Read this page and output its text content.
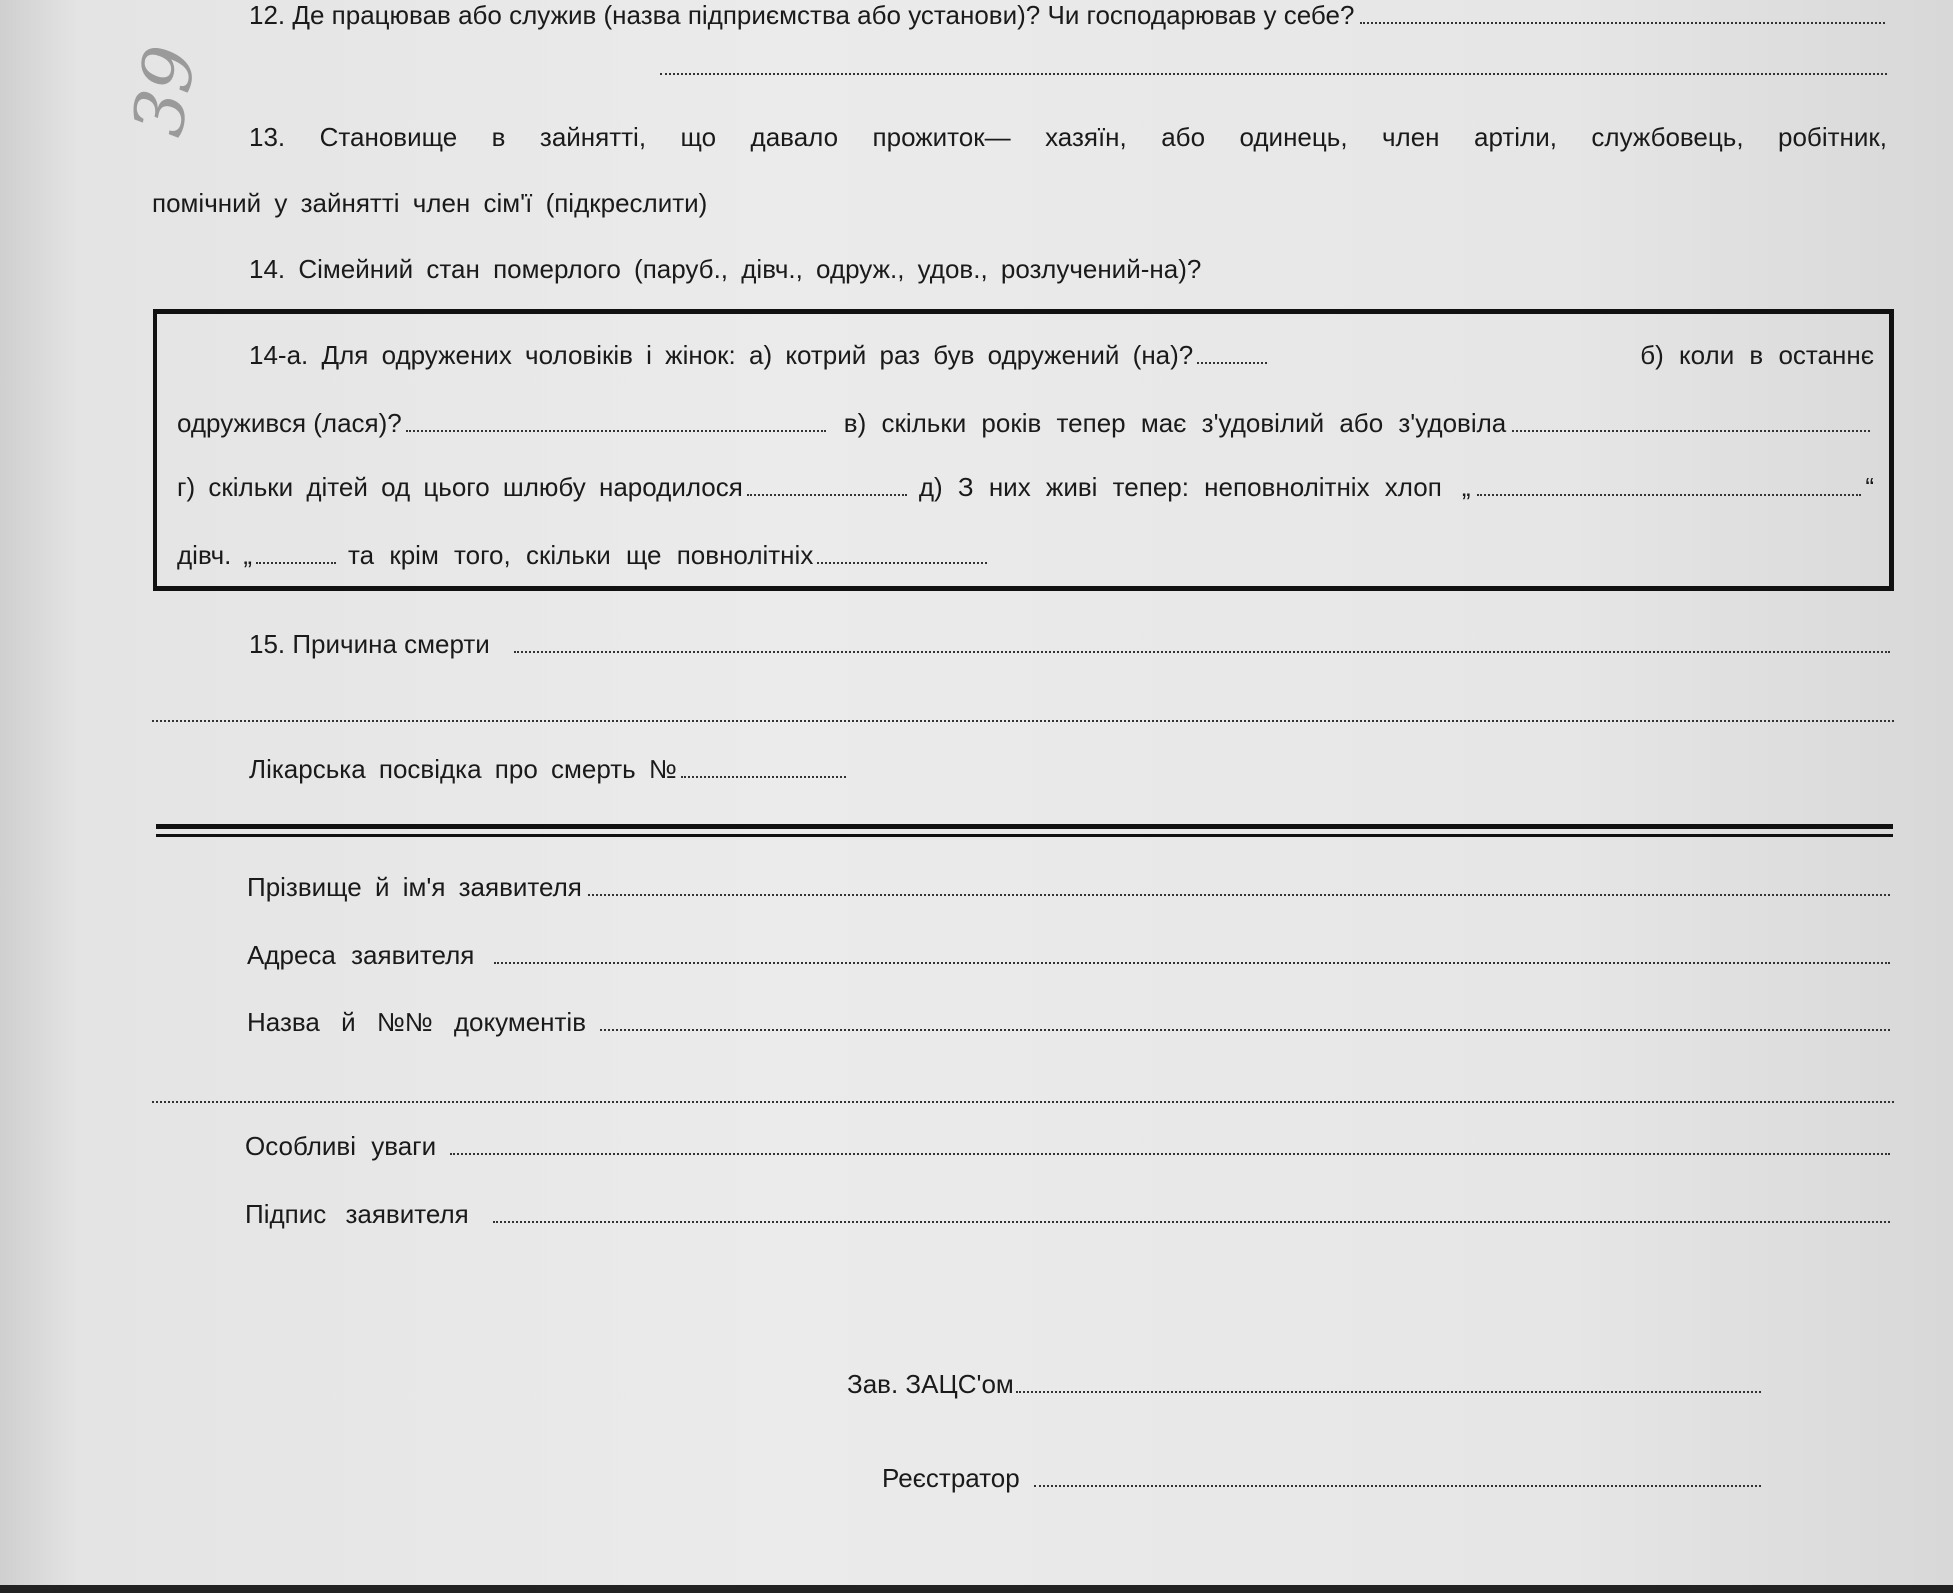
39
12. Де працював або служив (назва підприємства або установи)? Чи господарював у себе?
13. Становище в зайнятті, що давало прожиток— хазяїн, або одинець, член артіли, службовець, робітник,
помічний у зайнятті член сім'ї (підкреслити)
14. Сімейний стан померлого (паруб., дівч., одруж., удов., розлучений-на)?
14-а. Для одружених чоловіків і жінок: а) котрий раз був одружений (на)?	б) коли в останнє
одружився (лася)?	в) скільки років тепер має з'удовілий або з'удовіла
г) скільки дітей од цього шлюбу народилося	д) З них живі тепер: неповнолітніх хлоп „	“
дівч. „	та крім того, скільки ще повнолітніх
15. Причина смерти
Лікарська посвідка про смерть №
Прізвище й ім'я заявителя
Адреса заявителя
Назва й №№ документів
Особливі уваги
Підпис заявителя
Зав. ЗАЦС'ом
Реєстратор
